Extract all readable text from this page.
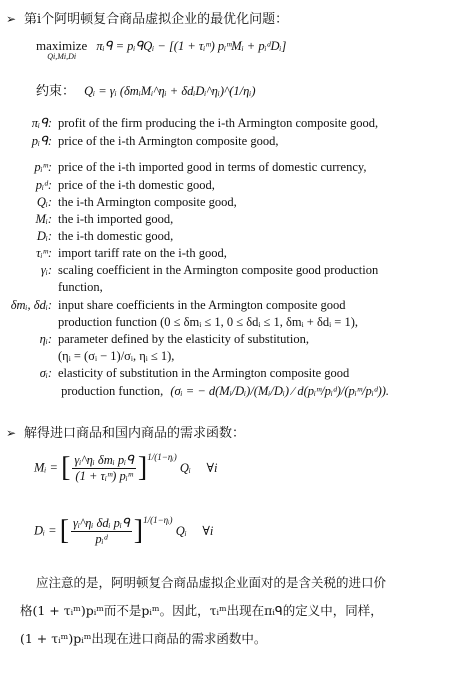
➢ 第i个阿明顿复合商品虚拟企业的最优化问题：
maximize
Qi,Mi,Di
πᵢᑫ = pᵢᑫQᵢ − [(1 + τᵢᵐ) pᵢᵐMᵢ + pᵢᵈDᵢ]
约束： Qᵢ = γᵢ (δmᵢMᵢ^ηᵢ + δdᵢDᵢ^ηᵢ)^(1/ηᵢ)
πᵢᑫ: profit of the firm producing the i-th Armington composite good,
pᵢᑫ: price of the i-th Armington composite good,
pᵢᵐ: price of the i-th imported good in terms of domestic currency,
pᵢᵈ: price of the i-th domestic good,
Qᵢ: the i-th Armington composite good,
Mᵢ: the i-th imported good,
Dᵢ: the i-th domestic good,
τᵢᵐ: import tariff rate on the i-th good,
γᵢ: scaling coefficient in the Armington composite good production
function,
δmᵢ, δdᵢ: input share coefficients in the Armington composite good
production function (0 ≤ δmᵢ ≤ 1, 0 ≤ δdᵢ ≤ 1, δmᵢ + δdᵢ = 1),
ηᵢ: parameter defined by the elasticity of substitution,
(ηᵢ = (σᵢ − 1)/σᵢ, ηᵢ ≤ 1),
σᵢ: elasticity of substitution in the Armington composite good
production function, (σᵢ = − d(Mᵢ/Dᵢ)/(Mᵢ/Dᵢ) ∕ d(pᵢᵐ/pᵢᵈ)/(pᵢᵐ/pᵢᵈ)).
➢ 解得进口商品和国内商品的需求函数：
Mᵢ = [ $\frac{\text{γᵢ\textasciicircum{}ηᵢ δmᵢ pᵢᑫ}}{\text{(1 + τᵢᵐ) pᵢᵐ}} ]^{1/(1-\eta ᵢ)}$ Qᵢ     ∀i
Dᵢ = [ $\frac{\text{γᵢ\textasciicircum{}ηᵢ δdᵢ pᵢᑫ}}{\text{pᵢᵈ}} ]^{1/(1-\eta ᵢ)}$ Qᵢ     ∀i
应注意的是，阿明顿复合商品虚拟企业面对的是含关税的进口价
格(1 + τᵢᵐ)pᵢᵐ而不是pᵢᵐ。因此，τᵢᵐ出现在πᵢᑫ的定义中，同样，
(1 + τᵢᵐ)pᵢᵐ出现在进口商品的需求函数中。
